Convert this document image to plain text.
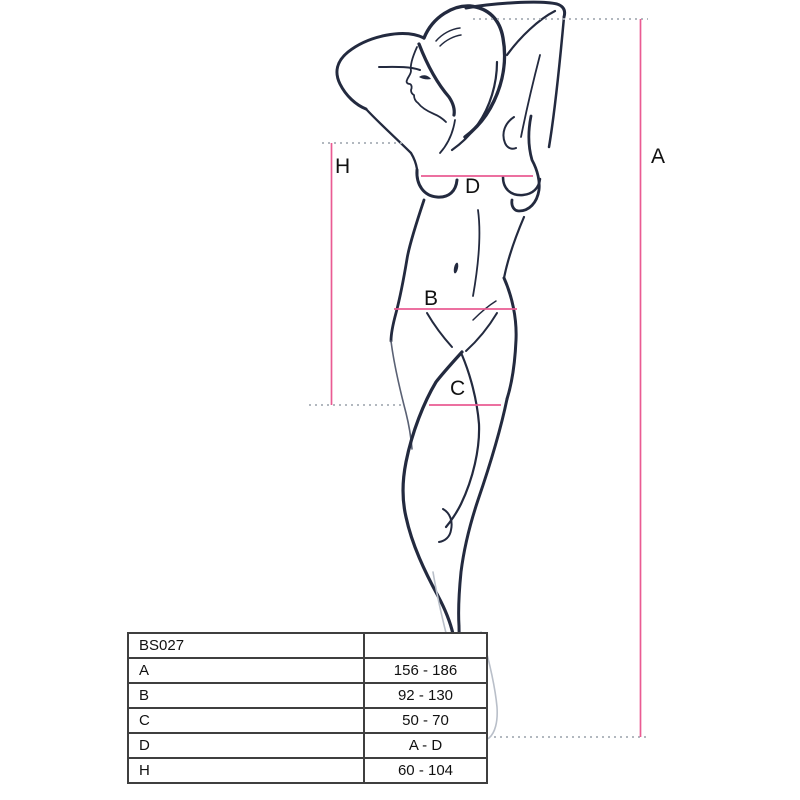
A
H
D
B
C
BS027	
A	156 - 186
B	92 - 130
C	50 - 70
D	A - D
H	60 - 104
